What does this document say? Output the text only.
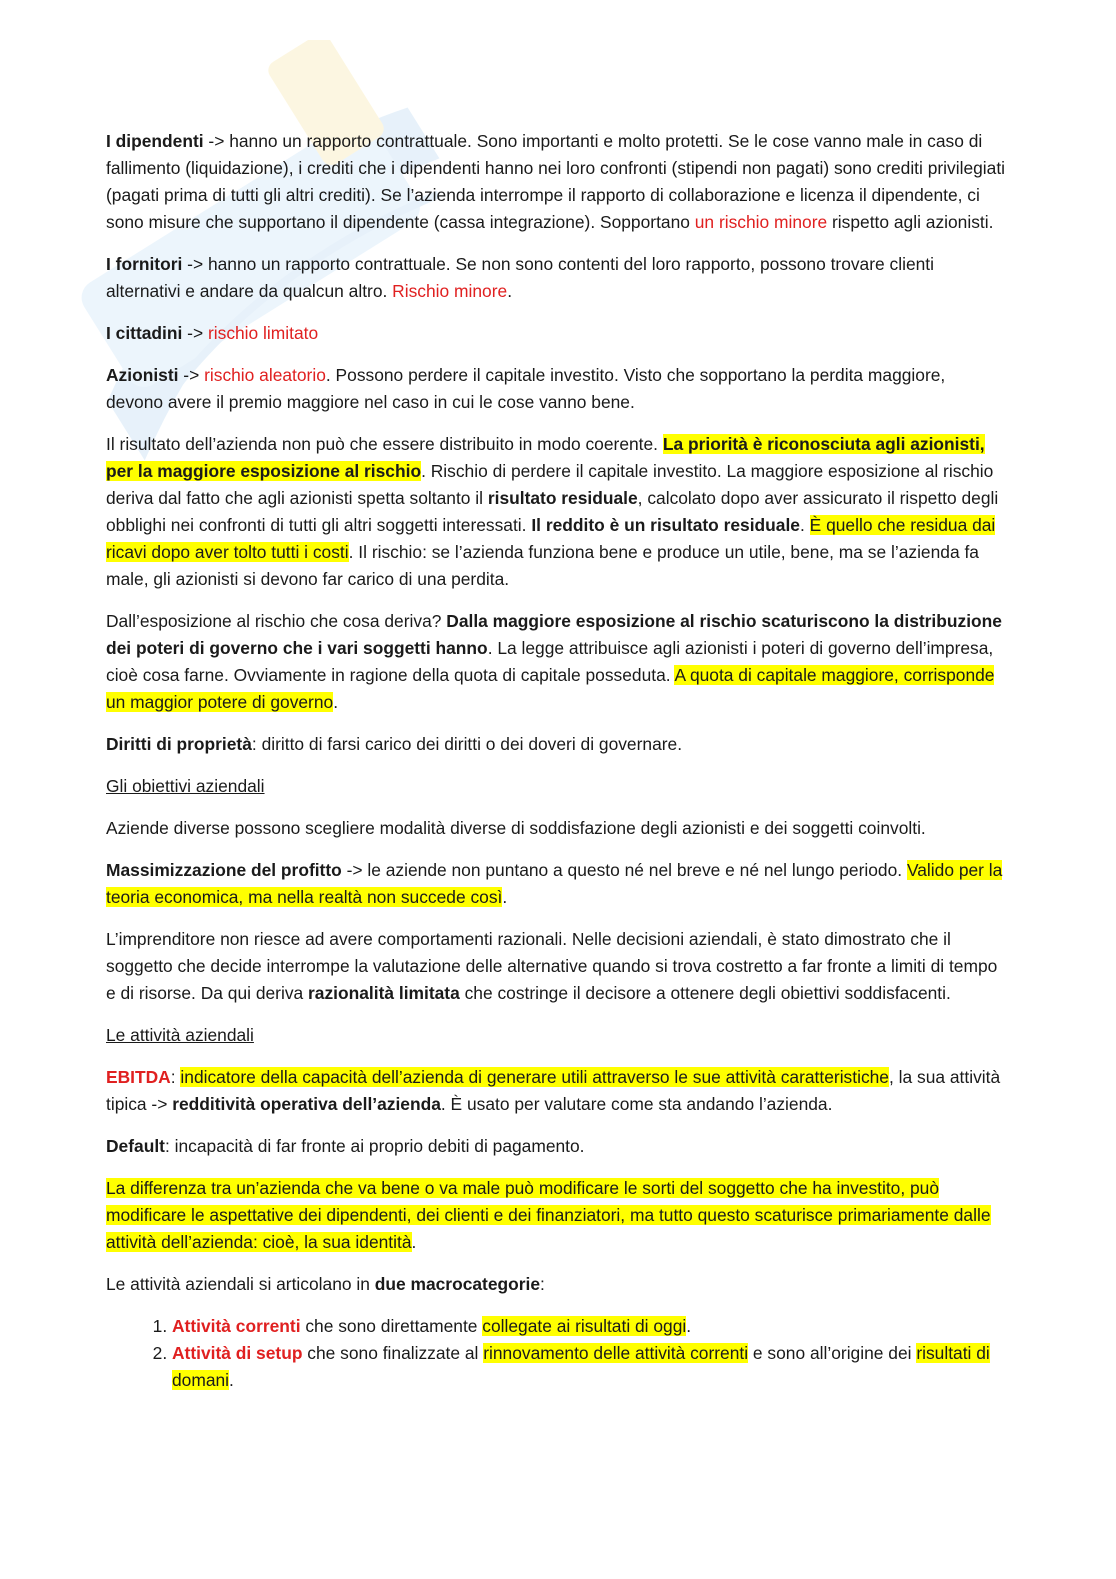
I dipendenti -> hanno un rapporto contrattuale. Sono importanti e molto protetti. Se le cose vanno male in caso di fallimento (liquidazione), i crediti che i dipendenti hanno nei loro confronti (stipendi non pagati) sono crediti privilegiati (pagati prima di tutti gli altri crediti). Se l’azienda interrompe il rapporto di collaborazione e licenza il dipendente, ci sono misure che supportano il dipendente (cassa integrazione). Sopportano un rischio minore rispetto agli azionisti.

I fornitori -> hanno un rapporto contrattuale. Se non sono contenti del loro rapporto, possono trovare clienti alternativi e andare da qualcun altro. Rischio minore.

I cittadini -> rischio limitato

Azionisti -> rischio aleatorio. Possono perdere il capitale investito. Visto che sopportano la perdita maggiore, devono avere il premio maggiore nel caso in cui le cose vanno bene.

Il risultato dell’azienda non può che essere distribuito in modo coerente. La priorità è riconosciuta agli azionisti, per la maggiore esposizione al rischio. Rischio di perdere il capitale investito. La maggiore esposizione al rischio deriva dal fatto che agli azionisti spetta soltanto il risultato residuale, calcolato dopo aver assicurato il rispetto degli obblighi nei confronti di tutti gli altri soggetti interessati. Il reddito è un risultato residuale. È quello che residua dai ricavi dopo aver tolto tutti i costi. Il rischio: se l’azienda funziona bene e produce un utile, bene, ma se l’azienda fa male, gli azionisti si devono far carico di una perdita.

Dall’esposizione al rischio che cosa deriva? Dalla maggiore esposizione al rischio scaturiscono la distribuzione dei poteri di governo che i vari soggetti hanno. La legge attribuisce agli azionisti i poteri di governo dell’impresa, cioè cosa farne. Ovviamente in ragione della quota di capitale posseduta. A quota di capitale maggiore, corrisponde un maggior potere di governo.

Diritti di proprietà: diritto di farsi carico dei diritti o dei doveri di governare.

Gli obiettivi aziendali

Aziende diverse possono scegliere modalità diverse di soddisfazione degli azionisti e dei soggetti coinvolti.

Massimizzazione del profitto -> le aziende non puntano a questo né nel breve e né nel lungo periodo. Valido per la teoria economica, ma nella realtà non succede così.

L’imprenditore non riesce ad avere comportamenti razionali. Nelle decisioni aziendali, è stato dimostrato che il soggetto che decide interrompe la valutazione delle alternative quando si trova costretto a far fronte a limiti di tempo e di risorse. Da qui deriva razionalità limitata che costringe il decisore a ottenere degli obiettivi soddisfacenti.

Le attività aziendali

EBITDA: indicatore della capacità dell’azienda di generare utili attraverso le sue attività caratteristiche, la sua attività tipica -> redditività operativa dell’azienda. È usato per valutare come sta andando l’azienda.

Default: incapacità di far fronte ai proprio debiti di pagamento.

La differenza tra un’azienda che va bene o va male può modificare le sorti del soggetto che ha investito, può modificare le aspettative dei dipendenti, dei clienti e dei finanziatori, ma tutto questo scaturisce primariamente dalle attività dell’azienda: cioè, la sua identità.

Le attività aziendali si articolano in due macrocategorie:

1. Attività correnti che sono direttamente collegate ai risultati di oggi.
2. Attività di setup che sono finalizzate al rinnovamento delle attività correnti e sono all’origine dei risultati di domani.
